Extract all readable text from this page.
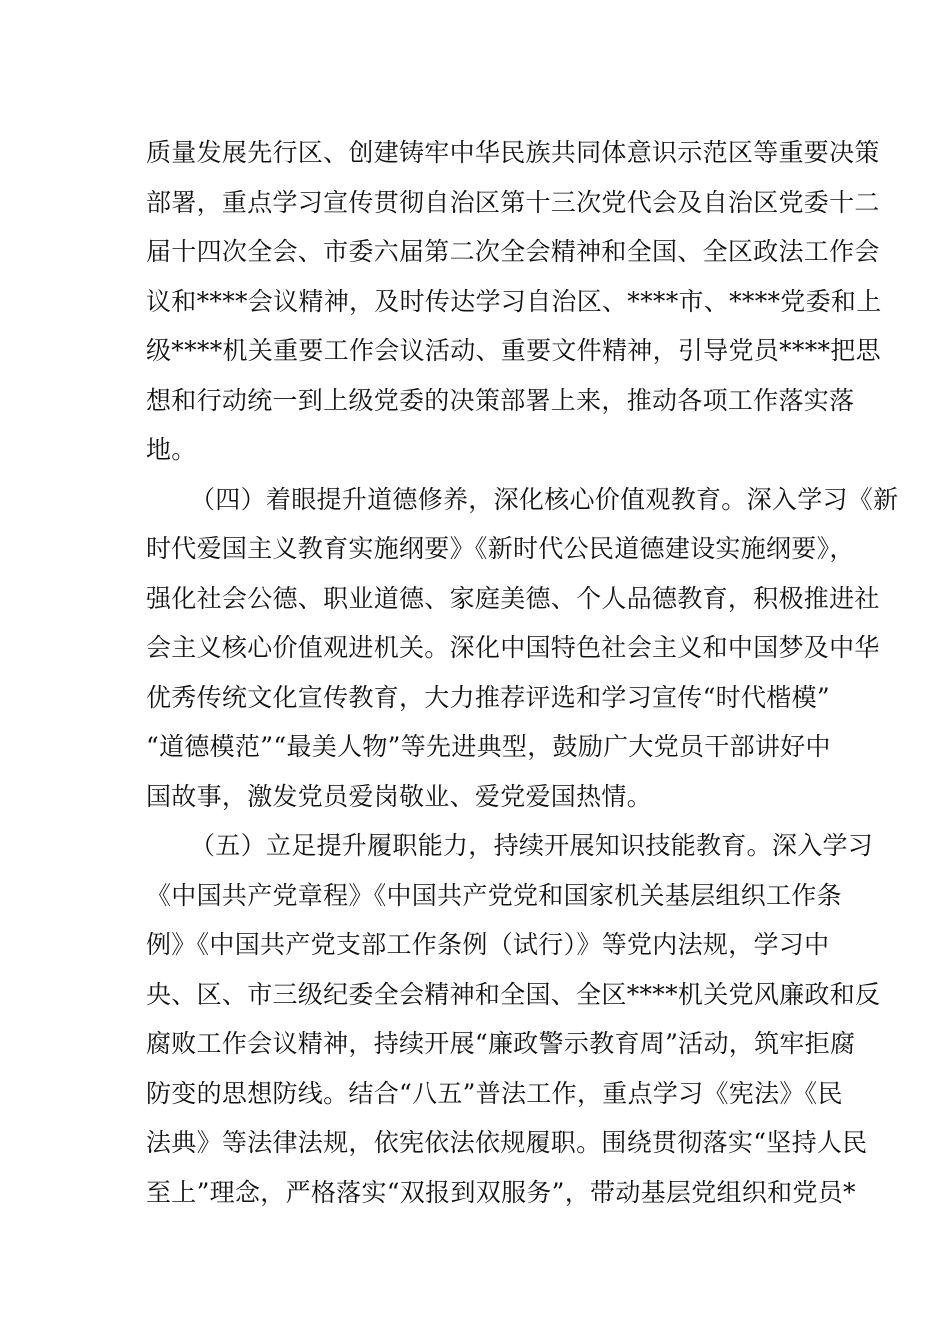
质量发展先行区、创建铸牢中华民族共同体意识示范区等重要决策
部署，重点学习宣传贯彻自治区第十三次党代会及自治区党委十二
届十四次全会、市委六届第二次全会精神和全国、全区政法工作会
议和****会议精神，及时传达学习自治区、****市、****党委和上
级****机关重要工作会议活动、重要文件精神，引导党员****把思
想和行动统一到上级党委的决策部署上来，推动各项工作落实落
地。
（四）着眼提升道德修养，深化核心价值观教育。深入学习《新
时代爱国主义教育实施纲要》《新时代公民道德建设实施纲要》，
强化社会公德、职业道德、家庭美德、个人品德教育，积极推进社
会主义核心价值观进机关。深化中国特色社会主义和中国梦及中华
优秀传统文化宣传教育，大力推荐评选和学习宣传“时代楷模”
“道德模范”“最美人物”等先进典型，鼓励广大党员干部讲好中
国故事，激发党员爱岗敬业、爱党爱国热情。
（五）立足提升履职能力，持续开展知识技能教育。深入学习
《中国共产党章程》《中国共产党党和国家机关基层组织工作条
例》《中国共产党支部工作条例（试行）》等党内法规，学习中
央、区、市三级纪委全会精神和全国、全区****机关党风廉政和反
腐败工作会议精神，持续开展“廉政警示教育周”活动，筑牢拒腐
防变的思想防线。结合“八五”普法工作，重点学习《宪法》《民
法典》等法律法规，依宪依法依规履职。围绕贯彻落实“坚持人民
至上”理念，严格落实“双报到双服务”，带动基层党组织和党员*
